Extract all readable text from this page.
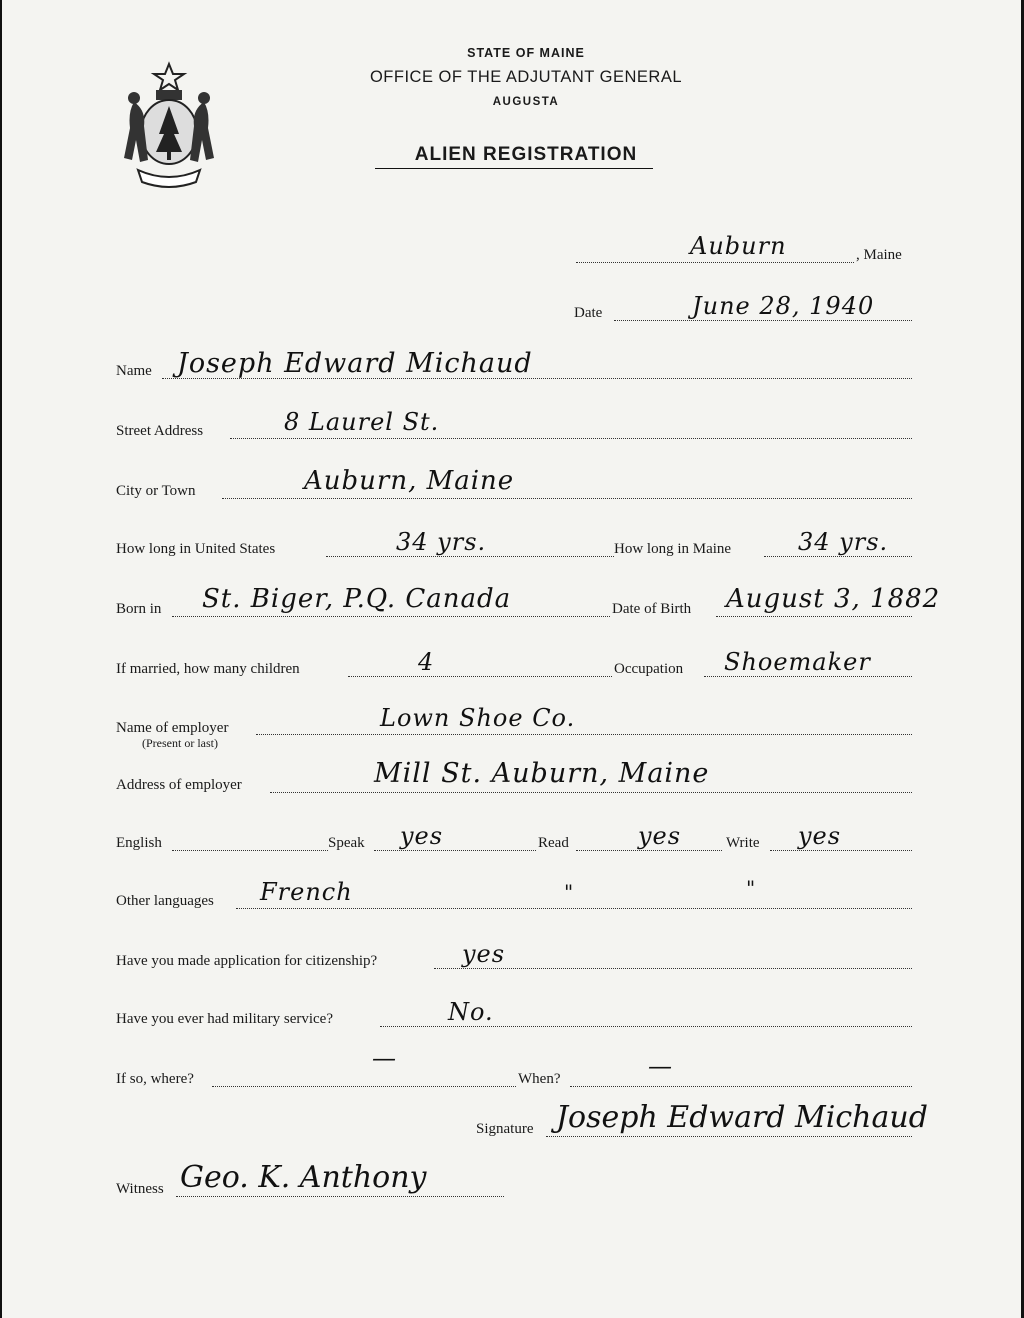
STATE OF MAINE
OFFICE OF THE ADJUTANT GENERAL
AUGUSTA
ALIEN REGISTRATION
Auburn	, Maine
Date	June 28, 1940
Name Joseph Edward Michaud
Street Address	8 Laurel St.
City or Town	Auburn, Maine
How long in United States	34 yrs.	How long in Maine	34 yrs.
Born in St. Biger, P.Q. Canada	Date of Birth August 3, 1882
If married, how many children	4	Occupation Shoemaker
Name of employer
(Present or last)
Lown Shoe Co.
Address of employer	Mill St. Auburn, Maine
English	Speak yes	Read	yes	Write yes
Other languages French	"	"
Have you made application for citizenship?	yes
Have you ever had military service?	No.
If so, where?
—
When?	—
Signature Joseph Edward Michaud
Witness Geo. K. Anthony
